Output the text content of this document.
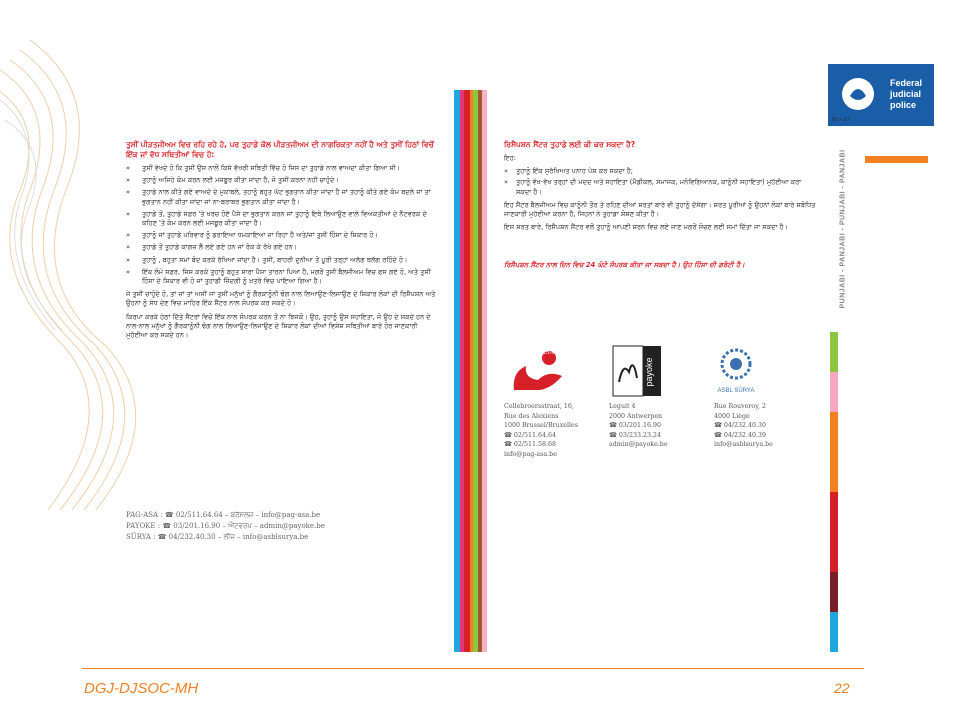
ਤੁਸੀਂ ਪੀੜਤਜੀਅਮ ਵਿਚ ਰਹਿ ਰਹੇ ਹੋ, ਪਰ ਤੁਹਾਡੇ ਕੋਲ ਪੀੜਤਜੀਅਮ ਦੀ ਨਾਗਰਿਕਤਾ ਨਹੀਂ ਹੈ ਅਤੇ ਤੁਸੀਂ ਹਿਠਾਂ ਵਿਚੋਂ ਇੱਕ ਜਾਂ ਵੱਧ ਸਥਿਤੀਆਂ ਵਿਚ ਹੋ:
» ਤੁਸੀਂ ਵੇਖਦੇ ਹੋ ਕਿ ਤੁਸੀਂ ਉਸ ਨਾਲੋਂ ਕਿਸੇ ਵੱਖਰੀ ਸਥਿਤੀ ਵਿੱਚ ਹੋ ਜਿਸ ਦਾ ਤੁਹਾਡੇ ਨਾਲ ਵਾਅਦਾ ਕੀਤਾ ਗਿਆ ਸੀ।
» ਤੁਹਾਨੂੰ ਅਜਿਹੇ ਕੰਮ ਕਰਨ ਲਈ ਮਜਬੂਰ ਕੀਤਾ ਜਾਂਦਾ ਹੈ, ਜੋ ਤੁਸੀਂ ਕਰਨਾ ਨਹੀਂ ਚਾਹੁੰਦੇ।
» ਤੁਹਾਡੇ ਨਾਲ ਕੀਤੇ ਗਏ ਵਾਅਦੇ ਦੇ ਮੁਕਾਬਲੇ, ਤਹਾਨੂੰ ਬਹੁਤ ਘੱਟ ਭੁਗਤਾਨ ਕੀਤਾ ਜਾਂਦਾ ਹੈ ਜਾਂ ਤਹਾਨੂੰ ਕੀਤੇ ਗਏ ਕੰਮ ਬਦਲੇ ਜਾਂ ਤਾਂ ਭੁਗਤਾਨ ਨਹੀਂ ਕੀਤਾ ਜਾਂਦਾ ਜਾਂ ਨਾ-ਬਰਾਬਰ ਭੁਗਤਾਨ ਕੀਤਾ ਜਾਂਦਾ ਹੈ।
» ਤੁਹਾਡੇ ਤੋਂ, ਤੁਹਾਡੇ ਸਫ਼ਰ 'ਤੇ ਖਰਚ ਹੋਏ ਪੈਸੇ ਦਾ ਭੁਗਤਾਨ ਕਰਨ ਜਾਂ ਤੁਹਾਨੂੰ ਇਥੇ ਲਿਆਉਣ ਵਾਲੇ ਵਿਅਕਤੀਆਂ ਦੇ ਨੈਟਵਰਕ ਦੇ ਕਹਿਣ 'ਤੇ ਕੰਮ ਕਰਨ ਲਈ ਮਜਬੂਰ ਕੀਤਾ ਜਾਂਦਾ ਹੈ।
» ਤੁਹਾਨੂੰ ਜਾਂ ਤੁਹਾਡੇ ਪਰਿਵਾਰ ਨੂੰ ਡਰਾਇਆ ਧਮਕਾਇਆ ਜਾ ਰਿਹਾ ਹੈ ਅਤੇ/ਜਾਂ ਤੁਸੀਂ ਹਿੰਸਾ ਦੇ ਸ਼ਿਕਾਰ ਹੋ।
» ਤੁਹਾਡੇ ਤੋਂ ਤੁਹਾਡੇ ਕਾਗਜ਼ ਲੈ ਲਏ ਗਏ ਹਨ ਜਾਂ ਰੋਕ ਕੇ ਰੱਖੇ ਗਏ ਹਨ।
» ਤੁਹਾਨੂੰ , ਬਹੁਤਾ ਸਮਾਂ ਬੰਦ ਕਰਕੇ ਰੱਖਿਆ ਜਾਂਦਾ ਹੈ। ਤੁਸੀਂ, ਬਾਹਰੀ ਦੁਨੀਆ ਤੋਂ ਪੂਰੀ ਤਰ੍ਹਾਂ ਅਲੱਗ ਥਲੱਗ ਰਹਿੰਦੇ ਹੋ।
» ਇੱਕ ਲੰਮੇ ਸਫ਼ਰ, ਜਿਸ ਕਰਕੇ ਤੁਹਾਨੂੰ ਬਹੁਤ ਸਾਰਾ ਪੈਸਾ ਤਾਰਨਾ ਪਿਆ ਹੈ, ਮਗਰੋਂ ਤੁਸੀਂ ਬੈਲਜੀਅਮ ਵਿਚ ਫਸ ਗਏ ਹੋ, ਅਤੇ ਤੁਸੀਂ ਹਿੰਸਾ ਦੇ ਸ਼ਿਕਾਰ ਵੀ ਹੋ ਜਾਂ ਤੁਹਾਡੀ ਜ਼ਿੰਦਗੀ ਨੂੰ ਖ਼ਤਰੇ ਵਿਚ ਪਾਇਆ ਗਿਆ ਹੈ।
ਜੇ ਤੁਸੀਂ ਚਾਹੁੰਦੇ ਹੋ, ਤਾਂ ਜਾਂ ਤਾਂ ਅਸੀਂ ਜਾਂ ਤੁਸੀਂ ਮਨੁੱਖਾਂ ਨੂੰ ਗੈਰਕਾਨੂੰਨੀ ਢੰਗ ਨਾਲ ਲਿਆਉਣ-ਲਿਜਾਉਣ ਦੇ ਸ਼ਿਕਾਰ ਲੋਕਾਂ ਦੀ ਰਿਸੈਪਸ਼ਨ ਅਤੇ ਉਹਨਾਂ ਨੂੰ ਸੇਧ ਦੇਣ ਵਿਚ ਮਾਹਿਰ ਇੱਕ ਸੈਂਟਰ ਨਾਲ ਸੰਪਰਕ ਕਰ ਸਕਦੇ ਹੋ।
ਕਿਰਪਾ ਕਰਕੇ ਹੇਠਾਂ ਦਿੱਤੇ ਸੈਂਟਰਾਂ ਵਿਚੋਂ ਇੱਕ ਨਾਲ ਸੰਪਰਕ ਕਰਨ ਤੋਂ ਨਾ ਝਿਜਕੋ। ਉਹ, ਤੁਹਾਨੂੰ ਉਸ ਸਹਾਇਤਾ, ਜੋ ਉਹ ਦੇ ਸਕਦੇ ਹਨ ਦੇ ਨਾਲ-ਨਾਲ ਮਨੁੱਖਾਂ ਨੂੰ ਗੈਰਕਾਨੂੰਨੀ ਢੰਗ ਨਾਲ ਲਿਆਉਣ-ਲਿਜਾਉਣ ਦੇ ਸ਼ਿਕਾਰ ਲੋਕਾਂ ਦੀਆਂ ਵਿਸ਼ੇਸ਼ ਸਥਿਤੀਆਂ ਬਾਰੇ ਹੋਰ ਜਾਣਕਾਰੀ ਮੁਹੱਈਆ ਕਰ ਸਕਦੇ ਹਨ।
PAG-ASA : ☎ 02/511.64.64 – ਬਰੱਸਲਜ਼ – info@pag-asa.be
PAYOKE : ☎ 03/201.16.90 – ਐਂਟਵਰਪ – admin@payoke.be
SÜRYA : ☎ 04/232.40.30 – ਲੀਜ – info@asblsurya.be
ਰਿਸੈਪਸ਼ਨ ਸੈਂਟਰ ਤੁਹਾਡੇ ਲਈ ਕੀ ਕਰ ਸਕਦਾ ਹੈ?
ਇਹ:
» ਤੁਹਾਨੂੰ ਇੱਕ ਸੁਰੱਖਿਅਤ ਪਨਾਹ ਪੇਸ਼ ਕਰ ਸਕਦਾ ਹੈ;
» ਤੁਹਾਨੂੰ ਵੱਖ-ਵੱਖ ਤਰ੍ਹਾਂ ਦੀ ਮਦਦ ਅਤੇ ਸਹਾਇਤਾ (ਮੈਡੀਕਲ, ਸਮਾਜਕ, ਮਨੋਵਿਗਿਆਨਕ, ਕਾਨੂੰਨੀ ਸਹਾਇਤਾ) ਮੁਹੱਈਆ ਕਰਾ ਸਕਦਾ ਹੈ।
ਇਹ ਸੈਂਟਰ ਬੈਲਜੀਅਮ ਵਿਚ ਕਾਨੂੰਨੀ ਤੌਰ ਤੇ ਰਹਿਣ ਦੀਆਂ ਸ਼ਰਤਾਂ ਬਾਰੇ ਵੀ ਤੁਹਾਨੂੰ ਦੱਸੇਗਾ। ਸ਼ਰਤ ਪੂਰੀਆਂ ਨੂੰ ਉਹਨਾਂ ਲੋਕਾਂ ਬਾਰੇ ਸਬੰਧਿਤ ਜਾਣਕਾਰੀ ਮੁਹੱਈਆ ਕਰਨਾ ਹੈ, ਜਿਹਨਾਂ ਨੇ ਤੁਹਾਡਾ ਸ਼ੋਸ਼ਣ ਕੀਤਾ ਹੈ।
ਇਸ ਸ਼ਰਤ ਬਾਰੇ, ਰਿਸੈਪਸ਼ਨ ਸੈਂਟਰ ਵਲੋਂ ਤੁਹਾਨੂੰ ਆਪਣੀ ਸ਼ਰਨ ਵਿਚ ਲਏ ਜਾਣ ਮਗਰੋਂ ਸੋਚਣ ਲਈ ਸਮਾਂ ਦਿੱਤਾ ਜਾ ਸਕਦਾ ਹੈ।
ਰਿਸੈਪਸ਼ਨ ਸੈਂਟਰ ਨਾਲ ਦਿਨ ਵਿਚ 24 ਘੰਟੇ ਸੰਪਰਕ ਕੀਤਾ ਜਾ ਸਕਦਾ ਹੈ। ਉਹ ਹਿੰਸਾ ਦੀ ਗਰੰਟੀ ਹੈ।
PAG ASA
Cellebroersstraat, 16,
Rue des Alexiens
1000 Brussel/Bruxelles
☎ 02/511.64.64
☎ 02/511.58.68
info@pag-asa.be
payoke
Leguit 4
2000 Antwerpen
☎ 03/201.16.90
☎ 03/233.23.24
admin@payoke.be
ASBL SÜRYA
Rue Rouveroy, 2
4000 Liège
☎ 04/232.40.30
☎ 04/232.40.39
info@asblsurya.be
Federal
judicial
police
36 • 37
PUNJABI - PANJABI - PUNJABI - PANJABI
DGJ-DJSOC-MH	22
